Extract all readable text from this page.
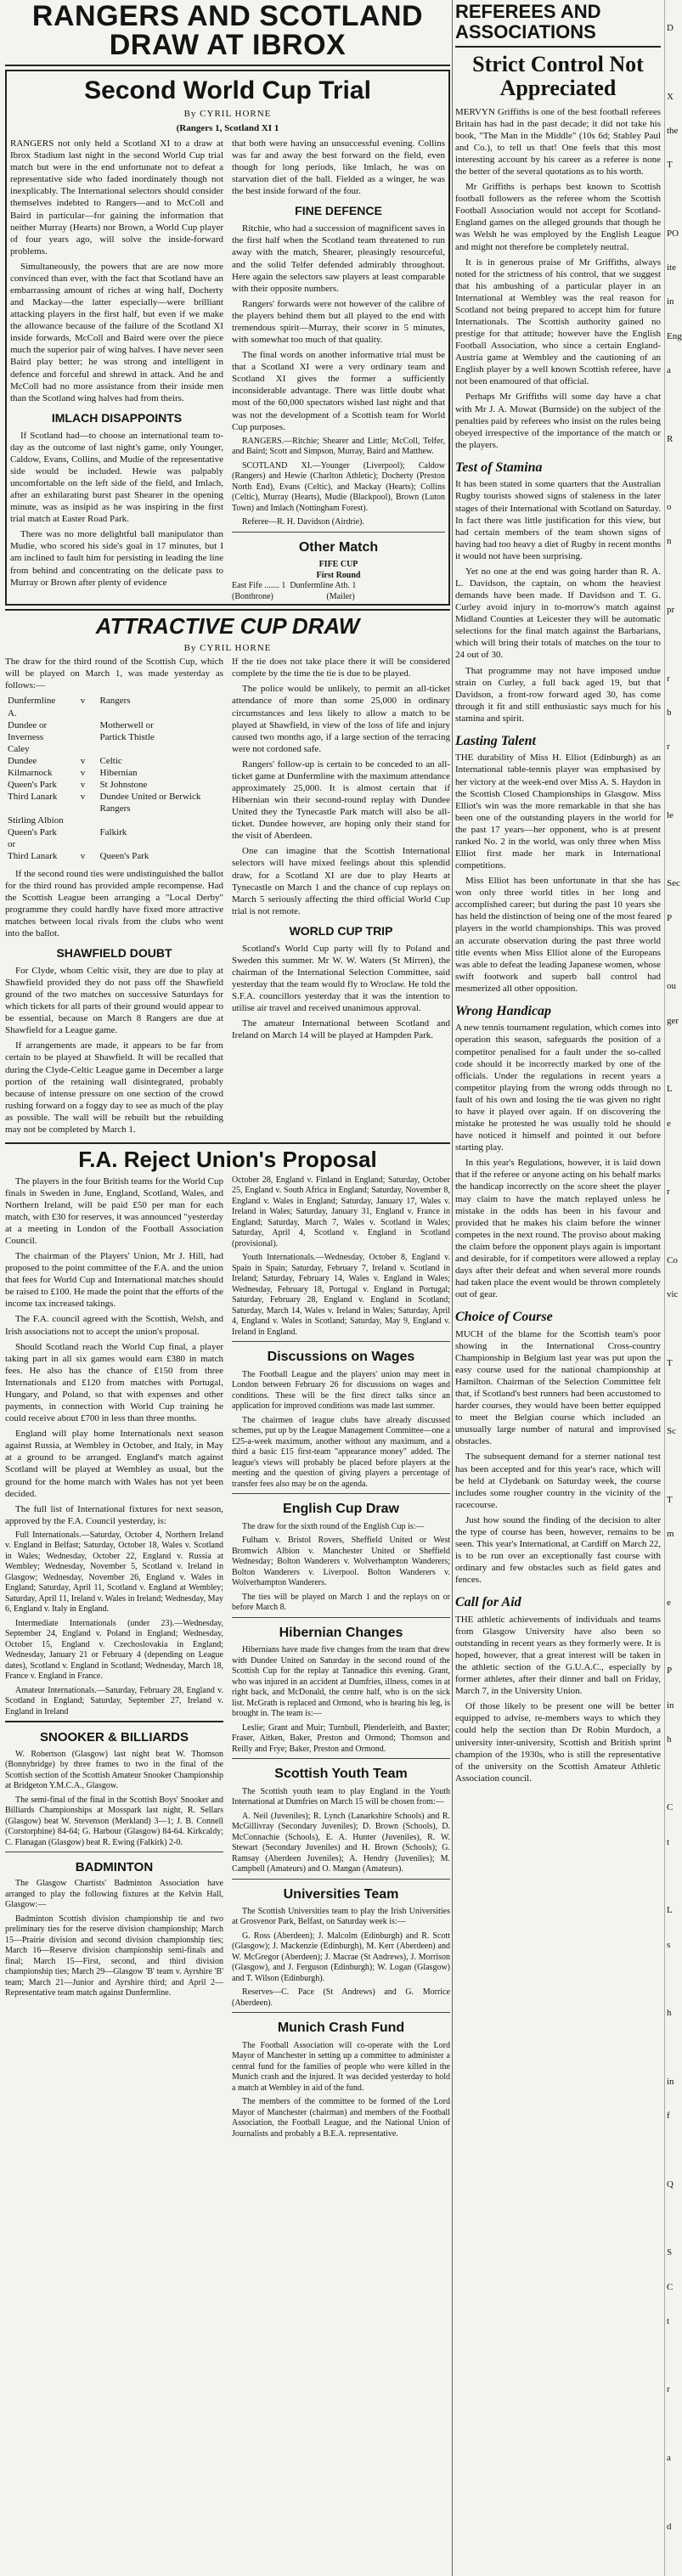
RANGERS AND SCOTLAND DRAW AT IBROX
Second World Cup Trial
By CYRIL HORNE
(Rangers 1, Scotland XI 1

RANGERS not only held a Scotland XI to a draw at Ibrox Stadium last night in the second World Cup trial match but were in the end unfortunate not to defeat a representative side who faded inordinately though not inexplicably. The International selectors should consider themselves indebted to Rangers—and to McColl and Baird in particular—for gaining the information that neither Murray (Hearts) nor Brown, a World Cup player of four years ago, will solve the inside-forward problems.

Simultaneously, the powers that are are now more convinced than ever, with the fact that Scotland have an embarrassing amount of riches at wing half, Docherty and Mackay—the latter especially—were brilliant attacking players in the first half, but even if we make the allowance because of the failure of the Scotland XI inside forwards, McColl and Baird were over the piece much the superior pair of wing halves. I have never seen Baird play better; he was strong and intelligent in defence and forceful and shrewd in attack. And he and McColl had no more assistance from their inside men than the Scotland wing halves had from theirs.

IMLACH DISAPPOINTS

If Scotland had—to choose an international team to-day as the outcome of last night's game, only Younger, Caldow, Evans, Collins, and Mudie of the representative side would be included. Hewie was palpably uncomfortable on the left side of the field, and Imlach, after an exhilarating burst past Shearer in the opening minute, was as insipid as he was inspiring in the first trial match at Easter Road Park.

There was no more delightful ball manipulator than Mudie, who scored his side's goal in 17 minutes, but I am inclined to fault him for persisting in leading the line from behind and concentrating on the delicate pass to Murray or Brown after plenty of evidence

that both were having an unsuccessful evening. Collins was far and away the best forward on the field, even though for long periods, like Imlach, he was on starvation diet of the ball. Fielded as a winger, he was the best inside forward of the four.

FINE DEFENCE

Ritchie, who had a succession of magnificent saves in the first half when the Scotland team threatened to run away with the match, Shearer, pleasingly resourceful, and the solid Telfer defended admirably throughout. Here again the selectors saw players at least comparable with their opposite numbers.

Rangers' forwards were not however of the calibre of the players behind them but all played to the end with tremendous spirit—Murray, their scorer in 5 minutes, with somewhat too much of that quality.

The final words on another informative trial must be that a Scotland XI were a very ordinary team and Scotland XI gives the former a sufficiently inconsiderable advantage. There was little doubt what most of the 60,000 spectators wished last night and that was not the development of a Scottish team for World Cup purposes.

RANGERS.—Ritchie; Shearer and Little; McColl, Telfer, and Baird; Scott and Simpson, Murray, Baird and Matthew.

SCOTLAND XI.—Younger (Liverpool); Caldow (Rangers) and Hewie (Charlton Athletic); Docherty (Preston North End), Evans (Celtic), and Mackay (Hearts); Collins (Celtic), Murray (Hearts), Mudie (Blackpool), Brown (Luton Town) and Imlach (Nottingham Forest).

Referee—R. H. Davidson (Airdrie).

Other Match
FIFE CUP
First Round
East Fife ....... 1  Dunfermline Ath. 1
(Bonthrone)                         (Mailer)
ATTRACTIVE CUP DRAW
By CYRIL HORNE

The draw for the third round of the Scottish Cup, which will be played on March 1, was made yesterday as follows:—

Dunfermline A.	v	Rangers
Dundee or		Motherwell or
Inverness Caley		Partick Thistle
Dundee	v	Celtic
Kilmarnock	v	Hibernian
Queen's Park	v	St Johnstone
Third Lanark	v	Dundee United or Berwick Rangers
Stirling Albion		
Queen's Park or		Falkirk
Third Lanark	v	Queen's Park

If the second round ties were undistinguished the ballot for the third round has provided ample recompense. Had the Scottish League been arranging a "Local Derby" programme they could hardly have fixed more attractive matches between local rivals from the clubs who went into the ballot.

SHAWFIELD DOUBT

For Clyde, whom Celtic visit, they are due to play at Shawfield provided they do not pass off the Shawfield ground of the two matches on successive Saturdays for which tickets for all parts of their ground would appear to be essential, because on March 8 Rangers are due at Shawfield for a League game.

If arrangements are made, it appears to be far from certain to be played at Shawfield. It will be recalled that during the Clyde-Celtic League game in December a large portion of the retaining wall disintegrated, probably because of intense pressure on one section of the crowd rushing forward on a foggy day to see as much of the play as possible. The wall will be rebuilt but the rebuilding may not be completed by March 1.

If the tie does not take place there it will be considered complete by the time the tie is due to be played.

The police would be unlikely, to permit an all-ticket attendance of more than some 25,000 in ordinary circumstances and less likely to allow a match to be played at Shawfield, in view of the loss of life and injury caused two months ago, if a large section of the terracing were not cordoned safe.

Rangers' follow-up is certain to be conceded to an all-ticket game at Dunfermline with the maximum attendance approximately 25,000. It is almost certain that if Hibernian win their second-round replay with Dundee United they the Tynecastle Park match will also be all-ticket. Dundee however, are hoping only their stand for the visit of Aberdeen.

One can imagine that the Scottish International selectors will have mixed feelings about this splendid draw, for a Scotland XI are due to play Hearts at Tynecastle on March 1 and the chance of cup replays on March 5 seriously affecting the third official World Cup trial is not remote.

WORLD CUP TRIP

Scotland's World Cup party will fly to Poland and Sweden this summer. Mr W. W. Waters (St Mirren), the chairman of the International Selection Committee, said yesterday that the team would fly to Wroclaw. He told the S.F.A. councillors yesterday that it was the intention to utilise air travel and received unanimous approval.

The amateur International between Scotland and Ireland on March 14 will be played at Hampden Park.

F.A. Reject Union's Proposal

The players in the four British teams for the World Cup finals in Sweden in June, England, Scotland, Wales, and Northern Ireland, will be paid £50 per man for each match, with £30 for reserves, it was announced "yesterday at a meeting in London of the Football Association Council.

The chairman of the Players' Union, Mr J. Hill, had proposed to the point committee of the F.A. and the union that fees for World Cup and International matches should be raised to £100. He made the point that the efforts of the income tax increased takings.

The F.A. council agreed with the Scottish, Welsh, and Irish associations not to accept the union's proposal.

Should Scotland reach the World Cup final, a player taking part in all six games would earn £380 in match fees. He also has the chance of £150 from three Internationals and £120 from matches with Portugal, Hungary, and Poland, so that with expenses and other payments, in connection with World Cup training he could receive about £700 in less than three months.

England will play home Internationals next season against Russia, at Wembley in October, and Italy, in May at a ground to be arranged. England's match against Scotland will be played at Wembley as usual, but the ground for the home match with Wales has not yet been decided.

The full list of International fixtures for next season, approved by the F.A. Council yesterday, is:

Full Internationals.—Saturday, October 4, Northern Ireland v. England in Belfast; Saturday, October 18, Wales v. Scotland in Wales; Wednesday, October 22, England v. Russia at Wembley; Wednesday, November 5, Scotland v. Ireland in Glasgow; Wednesday, November 26, England v. Wales in England; Saturday, April 11, Scotland v. England at Wembley; Saturday, April 11, Ireland v. Wales in Ireland; Wednesday, May 6, England v. Italy in England.

Intermediate Internationals (under 23).—Wednesday, September 24, England v. Poland in England; Wednesday, October 15, England v. Czechoslovakia in England; Wednesday, January 21 or February 4 (depending on League dates), Scotland v. England in Scotland; Wednesday, March 18, France v. England in France.

Amateur Internationals.—Saturday, February 28, England v. Scotland in England; Saturday, September 27, Ireland v. England in Ireland

SNOOKER & BILLIARDS

W. Robertson (Glasgow) last night beat W. Thomson (Bonnybridge) by three frames to two in the final of the Scottish section of the Scottish Amateur Snooker Championship at Bridgeton Y.M.C.A., Glasgow.

The semi-final of the final in the Scottish Boys' Snooker and Billiards Championships at Mosspark last night, R. Sellars (Glasgow) beat W. Stevenson (Merkland) 3—1; J. B. Connell (Corstorphine) 84-64; G. Harbour (Glasgow) 84-64. Kirkcaldy; C. Flanagan (Glasgow) beat R. Ewing (Falkirk) 2-0.

BADMINTON

The Glasgow Chartists' Badminton Association have arranged to play the following fixtures at the Kelvin Hall, Glasgow:—

Badminton Scottish division championship tie and two preliminary ties for the reserve division championship; March 15—Prairie division and second division championship ties; March 16—Reserve division championship semi-finals and final; March 15—First, second, and third division championship ties; March 29—Glasgow 'B' team v. Ayrshire 'B' team; March 21—Junior and Ayrshire third; and April 2—Representative team match against Dunfermline.

October 28, England v. Finland in England; Saturday, October 25, England v. South Africa in England; Saturday, November 8, England v. Wales in England; Saturday, January 17, Wales v. Ireland in Wales; Saturday, January 31, England v. France in England; Saturday, March 7, Wales v. Scotland in Wales; Saturday, April 4, Scotland v. England in Scotland (provisional).

Youth Internationals.—Wednesday, October 8, England v. Spain in Spain; Saturday, February 7, Ireland v. Scotland in Ireland; Saturday, February 14, Wales v. England in Wales; Wednesday, February 18, Portugal v. England in Portugal; Saturday, February 28, England v. England in Scotland; Saturday, March 14, Wales v. Ireland in Wales; Saturday, April 4, England v. Wales in Scotland; Saturday, May 9, England v. Ireland in England.

Discussions on Wages

The Football League and the players' union may meet in London between February 26 for discussions on wages and conditions. These will be the first direct talks since an application for improved conditions was made last summer.

The chairmen of league clubs have already discussed schemes, put up by the League Management Committee—one a £25-a-week maximum, another without any maximum, and a third a basic £15 first-team "appearance money" added. The league's views will probably be placed before players at the meeting and the question of giving players a percentage of transfer fees also may be on the agenda.

English Cup Draw

The draw for the sixth round of the English Cup is:—

Fulham v. Bristol Rovers, Sheffield United or West Bromwich Albion v. Manchester United or Sheffield Wednesday; Bolton Wanderers v. Wolverhampton Wanderers; Bolton Wanderers v. Liverpool. Bolton Wanderers v. Wolverhampton Wanderers.

The ties will be played on March 1 and the replays on or before March 8.

Hibernian Changes

Hibernians have made five changes from the team that drew with Dundee United on Saturday in the second round of the Scottish Cup for the replay at Tannadice this evening. Grant, who was injured in an accident at Dumfries, illness, comes in at right back, and McDonald, the centre half, who is on the sick list. McGrath is replaced and Ormond, who is hearing his leg, is brought in. The team is:—

Leslie; Grant and Muir; Turnbull, Plenderleith, and Baxter; Fraser, Aitken, Baker, Preston and Ormond; Thomson and Reilly and Frye; Baker, Preston and Ormond.

Scottish Youth Team

The Scottish youth team to play England in the Youth International at Dumfries on March 15 will be chosen from:—

A. Neil (Juveniles); R. Lynch (Lanarkshire Schools) and R. McGillivray (Secondary Juveniles); D. Brown (Schools), D. McConnachie (Schools), E. A. Hunter (Juveniles), R. W. Stewart (Secondary Juveniles) and H. Brown (Schools); G. Ramsay (Aberdeen Juveniles); A. Hendry (Juveniles); M. Campbell (Amateurs) and O. Mangan (Amateurs).

Universities Team

The Scottish Universities team to play the Irish Universities at Grosvenor Park, Belfast, on Saturday week is:—

G. Ross (Aberdeen); J. Malcolm (Edinburgh) and R. Scott (Glasgow); J. Mackenzie (Edinburgh), M. Kerr (Aberdeen) and W. McGregor (Aberdeen); J. Macrae (St Andrews), J. Morrison (Glasgow), and J. Ferguson (Edinburgh); W. Logan (Glasgow) and T. Wilson (Edinburgh).

Reserves—C. Pace (St Andrews) and G. Morrice (Aberdeen).

Munich Crash Fund

The Football Association will co-operate with the Lord Mayor of Manchester in setting up a committee to administer a central fund for the families of people who were killed in the Munich crash and the injured. It was decided yesterday to hold a match at Wembley in aid of the fund.

The members of the committee to be formed of the Lord Mayor of Manchester (chairman) and members of the Football Association, the Football League, and the National Union of Journalists and probably a B.E.A. representative.

REFEREES AND ASSOCIATIONS
Strict Control Not Appreciated

MERVYN Griffiths is one of the best football referees Britain has had in the past decade; it did not take his book, "The Man in the Middle" (10s 6d; Stabley Paul and Co.), to tell us that! One feels that this most interesting account by his career as a referee is none the better of the several quotations as to his worth.

Mr Griffiths is perhaps best known to Scottish football followers as the referee whom the Scottish Football Association would not accept for Scotland-England games on the alleged grounds that though he was Welsh he was employed by the English League and might not therefore be completely neutral.

It is in generous praise of Mr Griffiths, always noted for the strictness of his control, that we suggest that his ambushing of a particular player in an International at Wembley was the real reason for Scotland not being prepared to accept him for future Internationals. The Scottish authority gained no prestige for that attitude; however have the English Football Association, who since a certain England-Austria game at Wembley and the cautioning of an English player by a well known Scottish referee, have not been enamoured of that official.

Perhaps Mr Griffiths will some day have a chat with Mr J. A. Mowat (Burnside) on the subject of the penalties paid by referees who insist on the rules being obeyed irrespective of the importance of the match or the players.

Test of Stamina

It has been stated in some quarters that the Australian Rugby tourists showed signs of staleness in the later stages of their International with Scotland on Saturday. In fact there was little justification for this view, but had certain members of the team shown signs of having had too heavy a diet of Rugby in recent months it would not have been surprising.

Yet no one at the end was going harder than R. A. L. Davidson, the captain, on whom the heaviest demands have been made. If Davidson and T. G. Curley avoid injury in to-morrow's match against Midland Counties at Leicester they will be automatic selections for the final match against the Barbarians, which will bring their totals of matches on the tour to 24 out of 30.

That programme may not have imposed undue strain on Curley, a full back aged 19, but that Davidson, a front-row forward aged 30, has come through it fit and still enthusiastic says much for his stamina and spirit.

Lasting Talent

THE durability of Miss H. Elliot (Edinburgh) as an International table-tennis player was emphasised by her victory at the week-end over Miss A. S. Haydon in the Scottish Closed Championships in Glasgow. Miss Elliot's win was the more remarkable in that she has been one of the outstanding players in the world for the past 17 years—her opponent, who is at present ranked No. 2 in the world, was only three when Miss Elliot first made her mark in International competitions.

Miss Elliot has been unfortunate in that she has won only three world titles in her long and accomplished career; but during the past 10 years she has held the distinction of being one of the most feared players in the world championships. This was proved an accurate observation during the past three world title events when Miss Elliot alone of the Europeans was able to defeat the leading Japanese women, whose swift footwork and superb ball control had mesmerized all other opposition.

Wrong Handicap

A new tennis tournament regulation, which comes into operation this season, safeguards the position of a competitor penalised for a fault under the so-called code should it be incorrectly marked by one of the officials. Under the regulations in recent years a competitor playing from the wrong odds through no fault of his own and losing the tie was given no right to have it played over again. If on discovering the mistake he protested he was usually told he should have noticed it himself and pointed it out before starting play.

In this year's Regulations, however, it is laid down that if the referee or anyone acting on his behalf marks the handicap incorrectly on the score sheet the player may claim to have the match replayed unless he mistake in the odds has been in his favour and provided that he makes his claim before the winner competes in the next round. The proviso about making the claim before the opponent plays again is important and desirable, for if competitors were allowed a replay days after their defeat and when several more rounds had taken place the event would be thrown completely out of gear.

Choice of Course

MUCH of the blame for the Scottish team's poor showing in the International Cross-country Championship in Belgium last year was put upon the easy course used for the national championship at Hamilton. Chairman of the Selection Committee felt that, if Scotland's best runners had been accustomed to harder courses, they would have been better equipped to meet the Belgian course which included an unusually large number of natural and improvised obstacles.

The subsequent demand for a sterner national test has been accepted and for this year's race, which will be held at Clydebank on Saturday week, the course includes some rougher country in the vicinity of the racecourse.

Just how sound the finding of the decision to alter the type of course has been, however, remains to be seen. This year's International, at Cardiff on March 22, is to be run over an exceptionally fast course with ordinary and few obstacles such as field gates and fences.

Call for Aid

THE athletic achievements of individuals and teams from Glasgow University have also been so outstanding in recent years as they formerly were. It is hoped, however, that a great interest will be taken in the athletic section of the G.U.A.C., especially by former athletes, after their dinner and ball on Friday, March 7, in the University Union.

Of those likely to be present one will be better equipped to advise, re-members ways to which they could help the section than Dr Robin Murdoch, a university inter-university, Scottish and British sprint champion of the 1930s, who is still the representative of the university on the Scottish Amateur Athletic Association council.

D

X
the
T

PO
ite
in
Eng
a

R

o
n

pr

r
b
r

le

Sec
P

ou
ger

L
e

r

Co
vic

T

Sc

T
m

e

P
in
h

C
t

L
s

h

in
f

Q

S
C
t

r

a

d
